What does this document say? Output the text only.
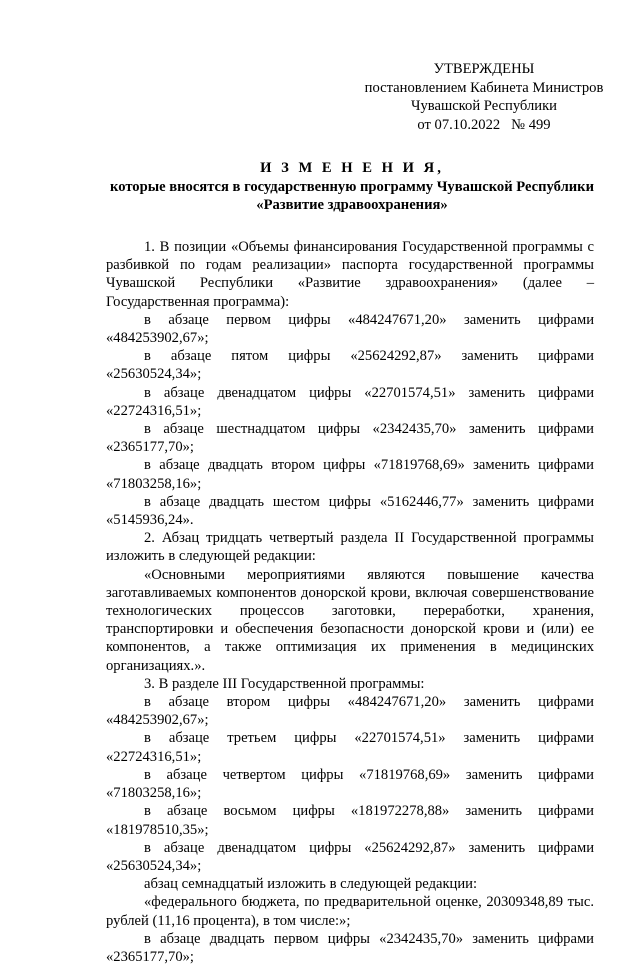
УТВЕРЖДЕНЫ
постановлением Кабинета Министров
Чувашской Республики
от 07.10.2022   № 499
И З М Е Н Е Н И Я,
которые вносятся в государственную программу Чувашской Республики
«Развитие здравоохранения»

1. В позиции «Объемы финансирования Государственной программы с разбивкой по годам реализации» паспорта государственной программы Чувашской Республики «Развитие здравоохранения» (далее – Государственная программа):

в абзаце первом цифры «484247671,20» заменить цифрами «484253902,67»;

в абзаце пятом цифры «25624292,87» заменить цифрами «25630524,34»;

в абзаце двенадцатом цифры «22701574,51» заменить цифрами «22724316,51»;

в абзаце шестнадцатом цифры «2342435,70» заменить цифрами «2365177,70»;

в абзаце двадцать втором цифры «71819768,69» заменить цифрами «71803258,16»;

в абзаце двадцать шестом цифры «5162446,77» заменить цифрами «5145936,24».

2. Абзац тридцать четвертый раздела II Государственной программы изложить в следующей редакции:

«Основными мероприятиями являются повышение качества заготавливаемых компонентов донорской крови, включая совершенствование технологических процессов заготовки, переработки, хранения, транспортировки и обеспечения безопасности донорской крови и (или) ее компонентов, а также оптимизация их применения в медицинских организациях.».

3. В разделе III Государственной программы:

в абзаце втором цифры «484247671,20» заменить цифрами «484253902,67»;

в абзаце третьем цифры «22701574,51» заменить цифрами «22724316,51»;

в абзаце четвертом цифры «71819768,69» заменить цифрами «71803258,16»;

в абзаце восьмом цифры «181972278,88» заменить цифрами «181978510,35»;

в абзаце двенадцатом цифры «25624292,87» заменить цифрами «25630524,34»;

абзац семнадцатый изложить в следующей редакции:

«федерального бюджета, по предварительной оценке, 20309348,89 тыс. рублей (11,16 процента), в том числе:»;

в абзаце двадцать первом цифры «2342435,70» заменить цифрами «2365177,70»;
